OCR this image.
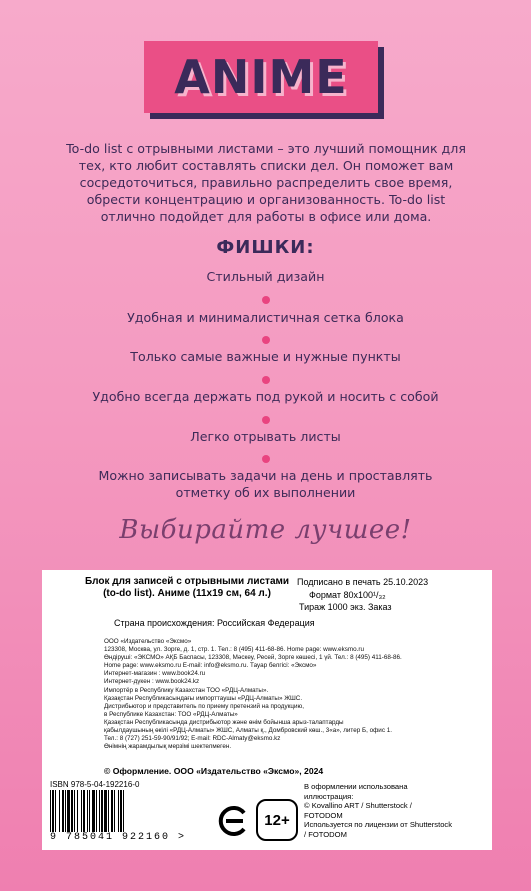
ANIME

To-do list с отрывными листами – это лучший помощник для тех, кто любит составлять списки дел. Он поможет вам сосредоточиться, правильно распределить свое время, обрести концентрацию и организованность. To-do list отлично подойдет для работы в офисе или дома.

ФИШКИ:
Стильный дизайн
Удобная и минималистичная сетка блока
Только самые важные и нужные пункты
Удобно всегда держать под рукой и носить с собой
Легко отрывать листы
Можно записывать задачи на день и проставлять отметку об их выполнении
Выбирайте лучшее!
Блок для записей с отрывными листами (to-do list). Аниме (11x19 см, 64 л.)
Подписано в печать 25.10.2023
Формат 80x100¹/₃₂
Тираж 1000 экз. Заказ
Страна происхождения: Российская Федерация
ООО «Издательство «Эксмо»
123308, Москва, ул. Зорге, д. 1, стр. 1. Тел.: 8 (495) 411-68-86. Home page: www.eksmo.ru
Өндіруші: «ЭКСМО» АҚБ Баспасы, 123308, Мәскеу, Ресей, Зорге көшесі, 1 үй. Тел.: 8 (495) 411-68-86.
Home page: www.eksmo.ru E-mail: info@eksmo.ru. Тауар белгісі: «Эксмо»
Интернет-магазин : www.book24.ru
Интернет-дүкен : www.book24.kz
Импортёр в Республику Казахстан ТОО «РДЦ-Алматы».
Қазақстан Республикасындағы импорттаушы «РДЦ-Алматы» ЖШС.
Дистрибьютор и представитель по приему претензий на продукцию,
в Республике Казахстан: ТОО «РДЦ-Алматы»
Қазақстан Республикасында дистрибьютор және өнім бойынша арыз-талаптарды
қабылдаушының өкілі «РДЦ-Алматы» ЖШС, Алматы қ., Домбровский көш., 3«а», литер Б, офис 1.
Тел.: 8 (727) 251-59-90/91/92; E-mail: RDC-Almaty@eksmo.kz
Өнімнің жарамдылық мерзімі шектелмеген.
© Оформление. ООО «Издательство «Эксмо», 2024
ISBN 978-5-04-192216-0
9 785041 922160 >
12+
В оформлении использована
иллюстрация:
© Kovallino ART / Shutterstock /
FOTODOM
Используется по лицензии от Shutterstock
/ FOTODOM
